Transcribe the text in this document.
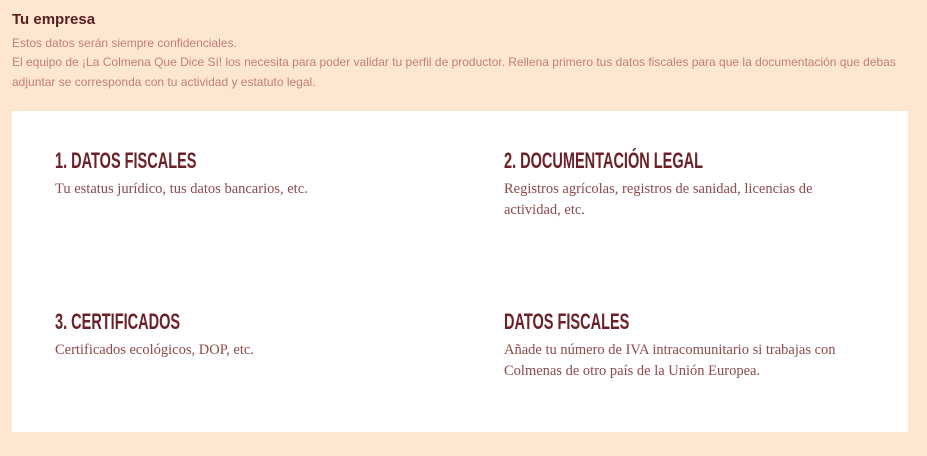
Tu empresa

Estos datos serán siempre confidenciales.

El equipo de ¡La Colmena Que Dice Sí! los necesita para poder validar tu perfil de productor. Rellena primero tus datos fiscales para que la documentación que debas adjuntar se corresponda con tu actividad y estatuto legal.

1. DATOS FISCALES
Tu estatus jurídico, tus datos bancarios, etc.
2. DOCUMENTACIÓN LEGAL
Registros agrícolas, registros de sanidad, licencias de actividad, etc.
3. CERTIFICADOS
Certificados ecológicos, DOP, etc.
DATOS FISCALES
Añade tu número de IVA intracomunitario si trabajas con Colmenas de otro país de la Unión Europea.
